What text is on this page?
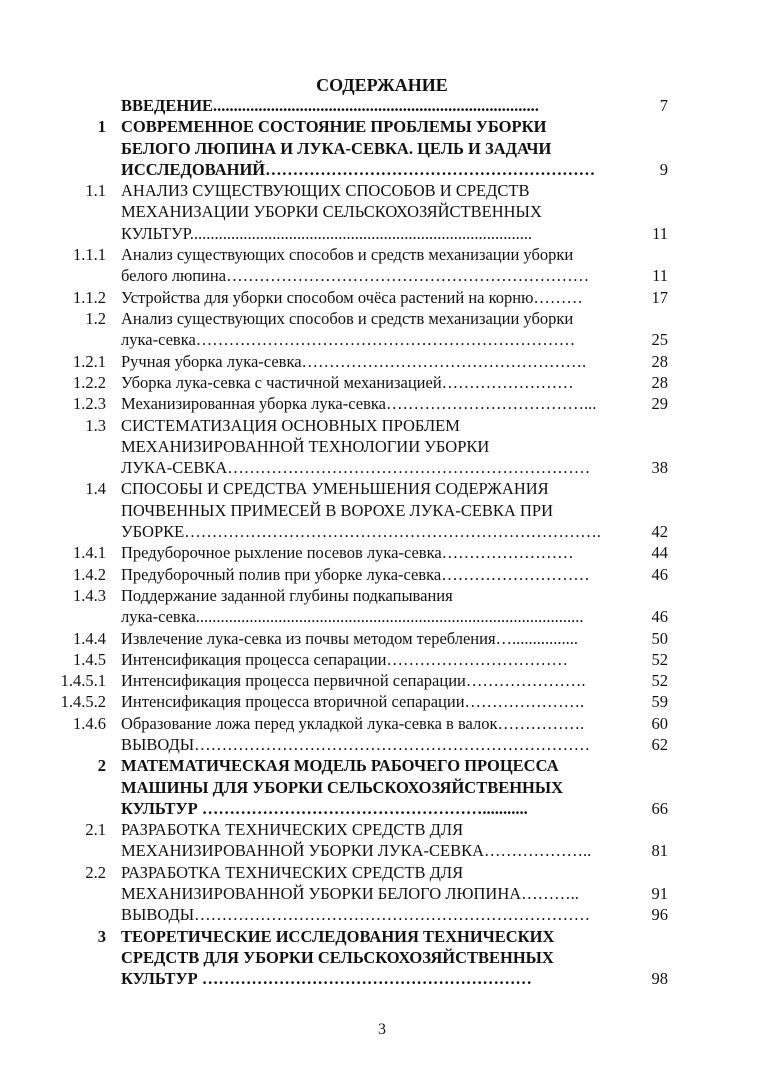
СОДЕРЖАНИЕ
ВВЕДЕНИЕ...............................................................................	7
1 СОВРЕМЕННОЕ СОСТОЯНИЕ ПРОБЛЕМЫ УБОРКИ
БЕЛОГО ЛЮПИНА И ЛУКА-СЕВКА. ЦЕЛЬ И ЗАДАЧИ
ИССЛЕДОВАНИЙ……………………………………………………	9
1.1 АНАЛИЗ СУЩЕСТВУЮЩИХ СПОСОБОВ И СРЕДСТВ
МЕХАНИЗАЦИИ УБОРКИ СЕЛЬСКОХОЗЯЙСТВЕННЫХ
КУЛЬТУР...................................................................................	11
1.1.1 Анализ существующих способов и средств механизации уборки
белого люпина…………………………………………………………	11
1.1.2 Устройства для уборки способом очёса растений на корню………	17
1.2 Анализ существующих способов и средств механизации уборки
лука-севка……………………………………………………………	25
1.2.1 Ручная уборка лука-севка…………………………………………….	28
1.2.2 Уборка лука-севка с частичной механизацией……………………	28
1.2.3 Механизированная уборка лука-севка………………………………...	29
1.3 СИСТЕМАТИЗАЦИЯ ОСНОВНЫХ ПРОБЛЕМ
МЕХАНИЗИРОВАННОЙ ТЕХНОЛОГИИ УБОРКИ
ЛУКА-СЕВКА…………………………………………………………	38
1.4 СПОСОБЫ И СРЕДСТВА УМЕНЬШЕНИЯ СОДЕРЖАНИЯ
ПОЧВЕННЫХ ПРИМЕСЕЙ В ВОРОХЕ ЛУКА-СЕВКА ПРИ
УБОРКЕ………………………………………………………………….	42
1.4.1 Предуборочное рыхление посевов лука-севка……………………	44
1.4.2 Предуборочный полив при уборке лука-севка………………………	46
1.4.3 Поддержание заданной глубины подкапывания
лука-севка..............................................................................................	46
1.4.4 Извлечение лука-севка из почвы методом теребления…................	50
1.4.5 Интенсификация процесса сепарации……………………………	52
1.4.5.1 Интенсификация процесса первичной сепарации………………….	52
1.4.5.2 Интенсификация процесса вторичной сепарации………………….	59
1.4.6 Образование ложа перед укладкой лука-севка в валок…………….	60
ВЫВОДЫ………………………………………………………………	62
2 МАТЕМАТИЧЕСКАЯ МОДЕЛЬ РАБОЧЕГО ПРОЦЕССА
МАШИНЫ ДЛЯ УБОРКИ СЕЛЬСКОХОЗЯЙСТВЕННЫХ
КУЛЬТУР ……………………………………………...........	66
2.1 РАЗРАБОТКА ТЕХНИЧЕСКИХ СРЕДСТВ ДЛЯ
МЕХАНИЗИРОВАННОЙ УБОРКИ ЛУКА-СЕВКА………………..	81
2.2 РАЗРАБОТКА ТЕХНИЧЕСКИХ СРЕДСТВ ДЛЯ
МЕХАНИЗИРОВАННОЙ УБОРКИ БЕЛОГО ЛЮПИНА………..	91
ВЫВОДЫ………………………………………………………………	96
3 ТЕОРЕТИЧЕСКИЕ ИССЛЕДОВАНИЯ ТЕХНИЧЕСКИХ
СРЕДСТВ ДЛЯ УБОРКИ СЕЛЬСКОХОЗЯЙСТВЕННЫХ
КУЛЬТУР ……………………………………………………	98
3
